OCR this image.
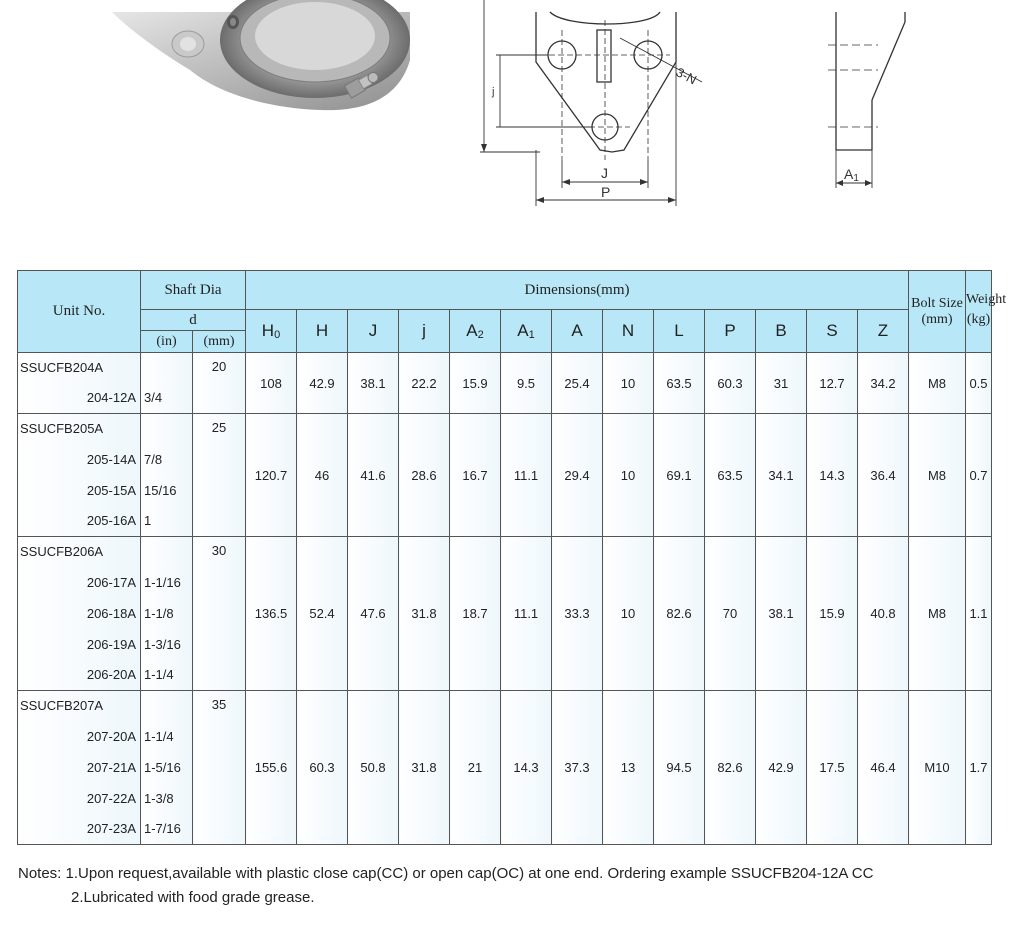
3-N
j
J
P
A1
Unit No.	Shaft Dia		Dimensions(mm)													Bolt Size (mm)	Weight (kg)

	d		H0	H	J	j	A2	A1	A	N	L	P	B	S	Z		
	(in)	(mm)															
SSUCFB204A		20	108	42.9	38.1	22.2	15.9	9.5	25.4	10	63.5	60.3	31	12.7	34.2	M8	0.5

204-12A	3/4																
SSUCFB205A		25	120.7	46	41.6	28.6	16.7	11.1	29.4	10	69.1	63.5	34.1	14.3	36.4	M8	0.7

205-14A	7/8																
205-15A	15/16																
205-16A	1																
SSUCFB206A		30	136.5	52.4	47.6	31.8	18.7	11.1	33.3	10	82.6	70	38.1	15.9	40.8	M8	1.1

206-17A	1-1/16																
206-18A	1-1/8																
206-19A	1-3/16																
206-20A	1-1/4																
SSUCFB207A		35	155.6	60.3	50.8	31.8	21	14.3	37.3	13	94.5	82.6	42.9	17.5	46.4	M10	1.7

207-20A	1-1/4																
207-21A	1-5/16																
207-22A	1-3/8																
207-23A	1-7/16																
Notes: 1.Upon request,available with plastic close cap(CC) or open cap(OC) at one end. Ordering example SSUCFB204-12A CC
2.Lubricated with food grade grease.
